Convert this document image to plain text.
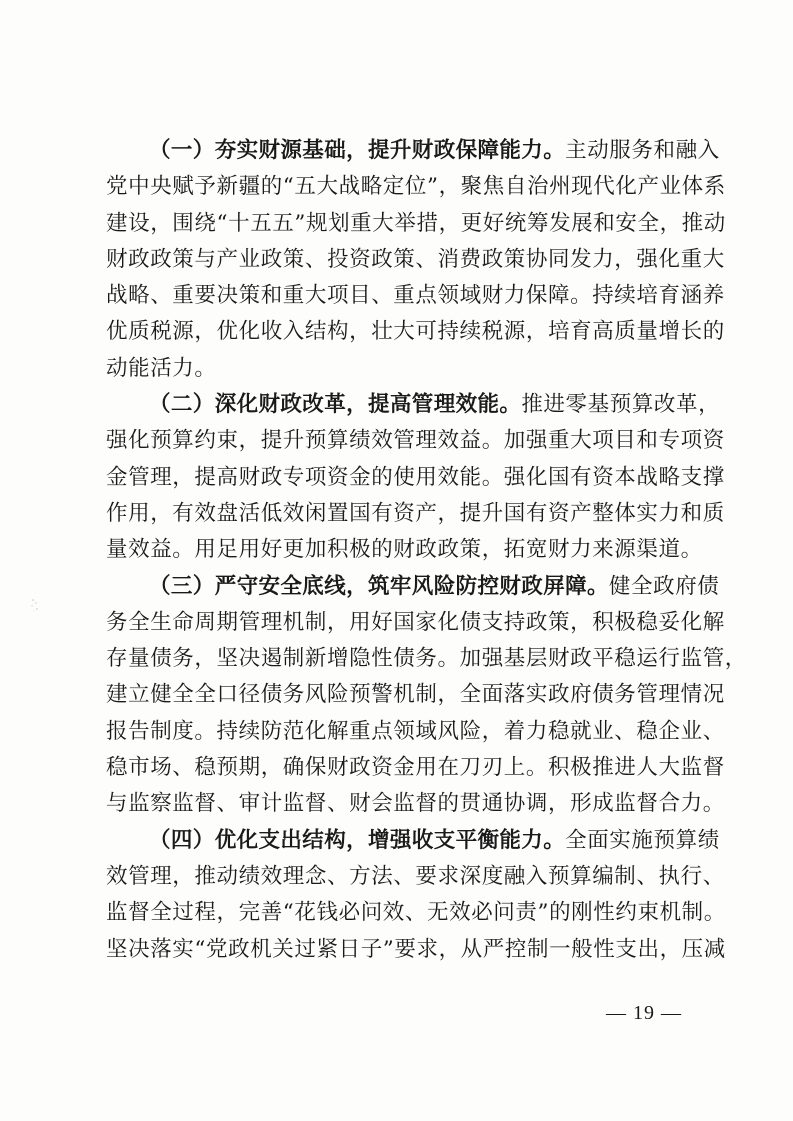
（一）夯实财源基础，提升财政保障能力。主动服务和融入
党中央赋予新疆的“五大战略定位”，聚焦自治州现代化产业体系
建设，围绕“十五五”规划重大举措，更好统筹发展和安全，推动
财政政策与产业政策、投资政策、消费政策协同发力，强化重大
战略、重要决策和重大项目、重点领域财力保障。持续培育涵养
优质税源，优化收入结构，壮大可持续税源，培育高质量增长的
动能活力。

（二）深化财政改革，提高管理效能。推进零基预算改革，
强化预算约束，提升预算绩效管理效益。加强重大项目和专项资
金管理，提高财政专项资金的使用效能。强化国有资本战略支撑
作用，有效盘活低效闲置国有资产，提升国有资产整体实力和质
量效益。用足用好更加积极的财政政策，拓宽财力来源渠道。

（三）严守安全底线，筑牢风险防控财政屏障。健全政府债
务全生命周期管理机制，用好国家化债支持政策，积极稳妥化解
存量债务，坚决遏制新增隐性债务。加强基层财政平稳运行监管，
建立健全全口径债务风险预警机制，全面落实政府债务管理情况
报告制度。持续防范化解重点领域风险，着力稳就业、稳企业、
稳市场、稳预期，确保财政资金用在刀刃上。积极推进人大监督
与监察监督、审计监督、财会监督的贯通协调，形成监督合力。

（四）优化支出结构，增强收支平衡能力。全面实施预算绩
效管理，推动绩效理念、方法、要求深度融入预算编制、执行、
监督全过程，完善“花钱必问效、无效必问责”的刚性约束机制。
坚决落实“党政机关过紧日子”要求，从严控制一般性支出，压减

— 19 —
